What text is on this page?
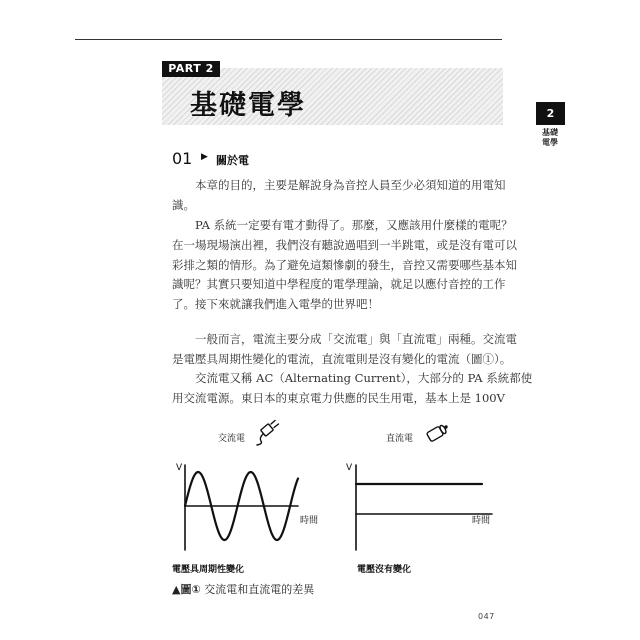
PART 2
基礎電學	2
基礎電學
01 ▶ 關於電
本章的目的，主要是解說身為音控人員至少必須知道的用電知
識。
PA 系統一定要有電才動得了。那麼，又應該用什麼樣的電呢？
在一場現場演出裡，我們沒有聽說過唱到一半跳電，或是沒有電可以
彩排之類的情形。為了避免這類慘劇的發生，音控又需要哪些基本知
識呢？其實只要知道中學程度的電學理論，就足以應付音控的工作
了。接下來就讓我們進入電學的世界吧！
一般而言，電流主要分成「交流電」與「直流電」兩種。交流電
是電壓具周期性變化的電流，直流電則是沒有變化的電流（圖①）。
交流電又稱 AC（Alternating Current），大部分的 PA 系統都使
用交流電源。東日本的東京電力供應的民生用電，基本上是 100V
交流電
V
時間
電壓具周期性變化
直流電
V
時間
電壓沒有變化
▲圖① 交流電和直流電的差異
047
